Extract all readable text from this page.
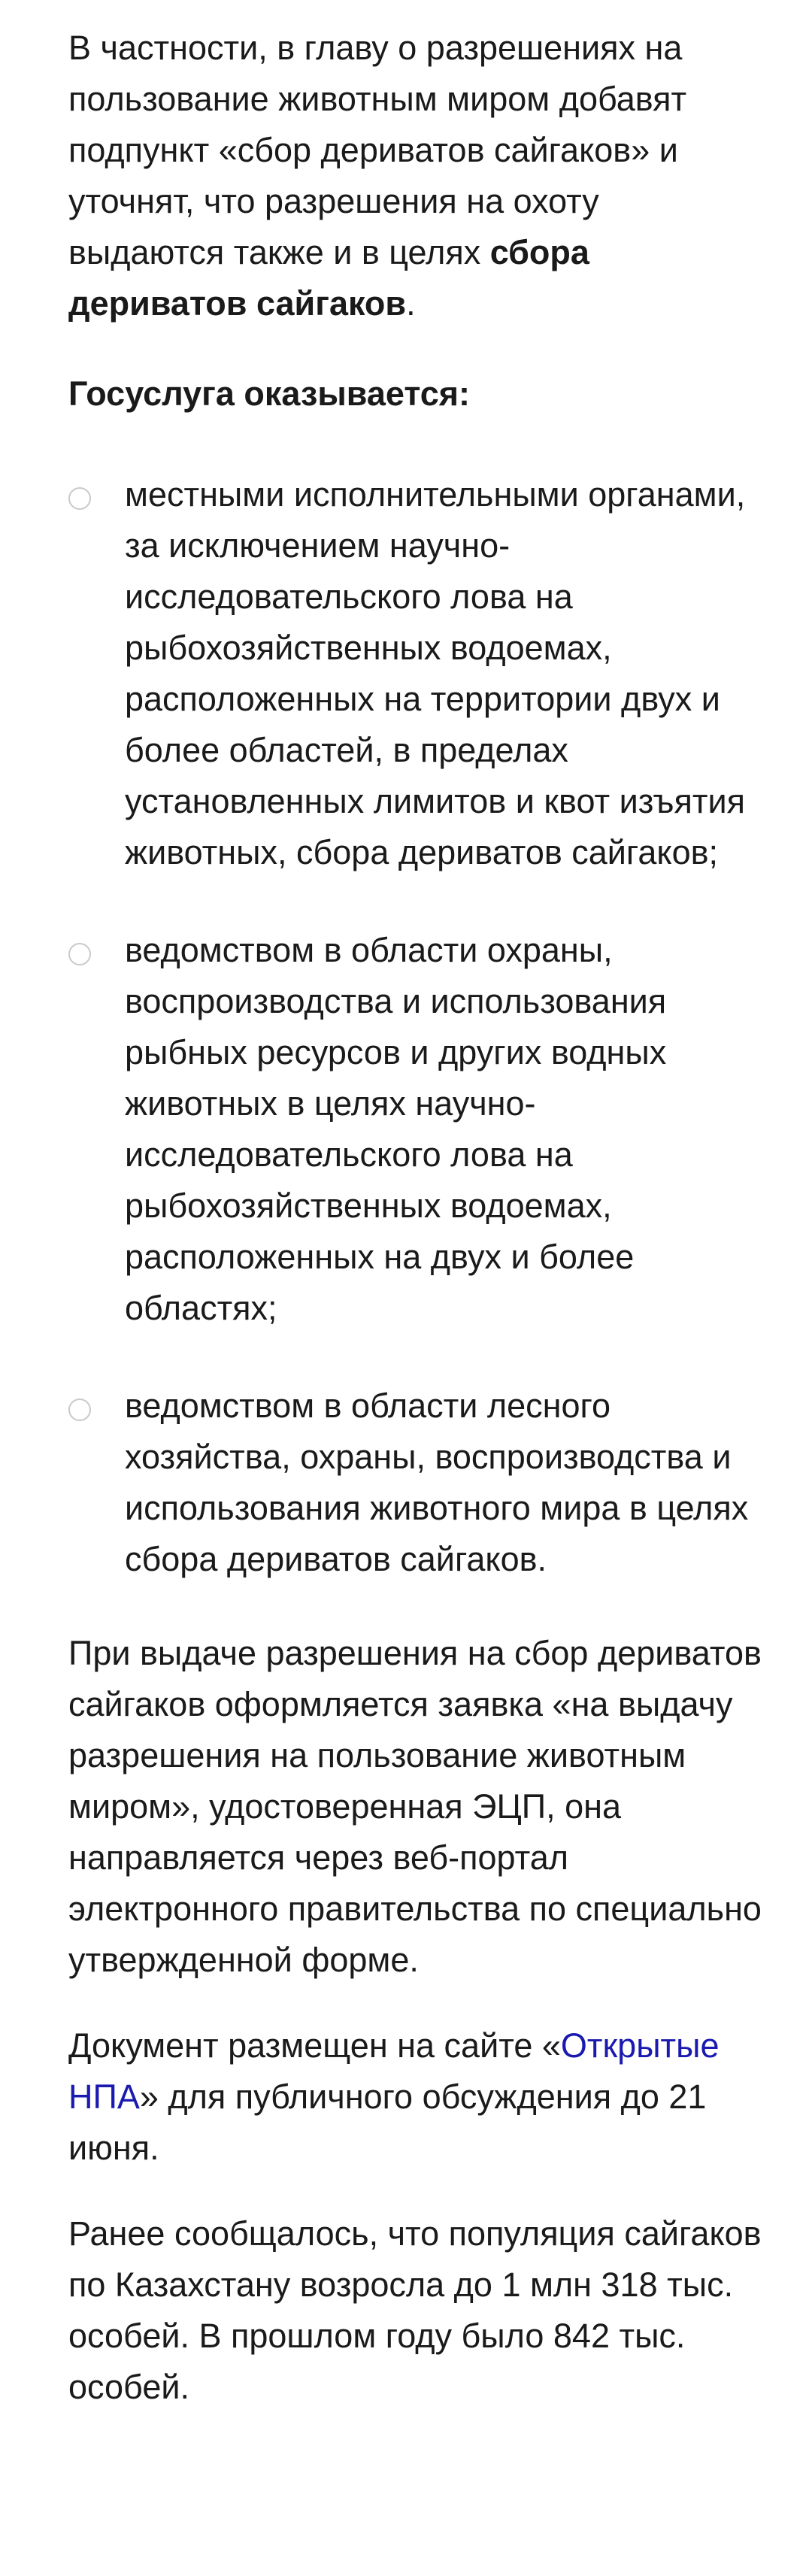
В частности, в главу о разрешениях на пользование животным миром добавят подпункт «сбор дериватов сайгаков» и уточнят, что разрешения на охоту выдаются также и в целях сбора дериватов сайгаков.

Госуслуга оказывается:

местными исполнительными органами, за исключением научно-исследовательского лова на рыбохозяйственных водоемах, расположенных на территории двух и более областей, в пределах установленных лимитов и квот изъятия животных, сбора дериватов сайгаков;
ведомством в области охраны, воспроизводства и использования рыбных ресурсов и других водных животных в целях научно-исследовательского лова на рыбохозяйственных водоемах, расположенных на двух и более областях;
ведомством в области лесного хозяйства, охраны, воспроизводства и использования животного мира в целях сбора дериватов сайгаков.

При выдаче разрешения на сбор дериватов сайгаков оформляется заявка «на выдачу разрешения на пользование животным миром», удостоверенная ЭЦП, она направляется через веб-портал электронного правительства по специально утвержденной форме.

Документ размещен на сайте «Открытые НПА» для публичного обсуждения до 21 июня.

Ранее сообщалось, что популяция сайгаков по Казахстану возросла до 1 млн 318 тыс. особей. В прошлом году было 842 тыс. особей.
